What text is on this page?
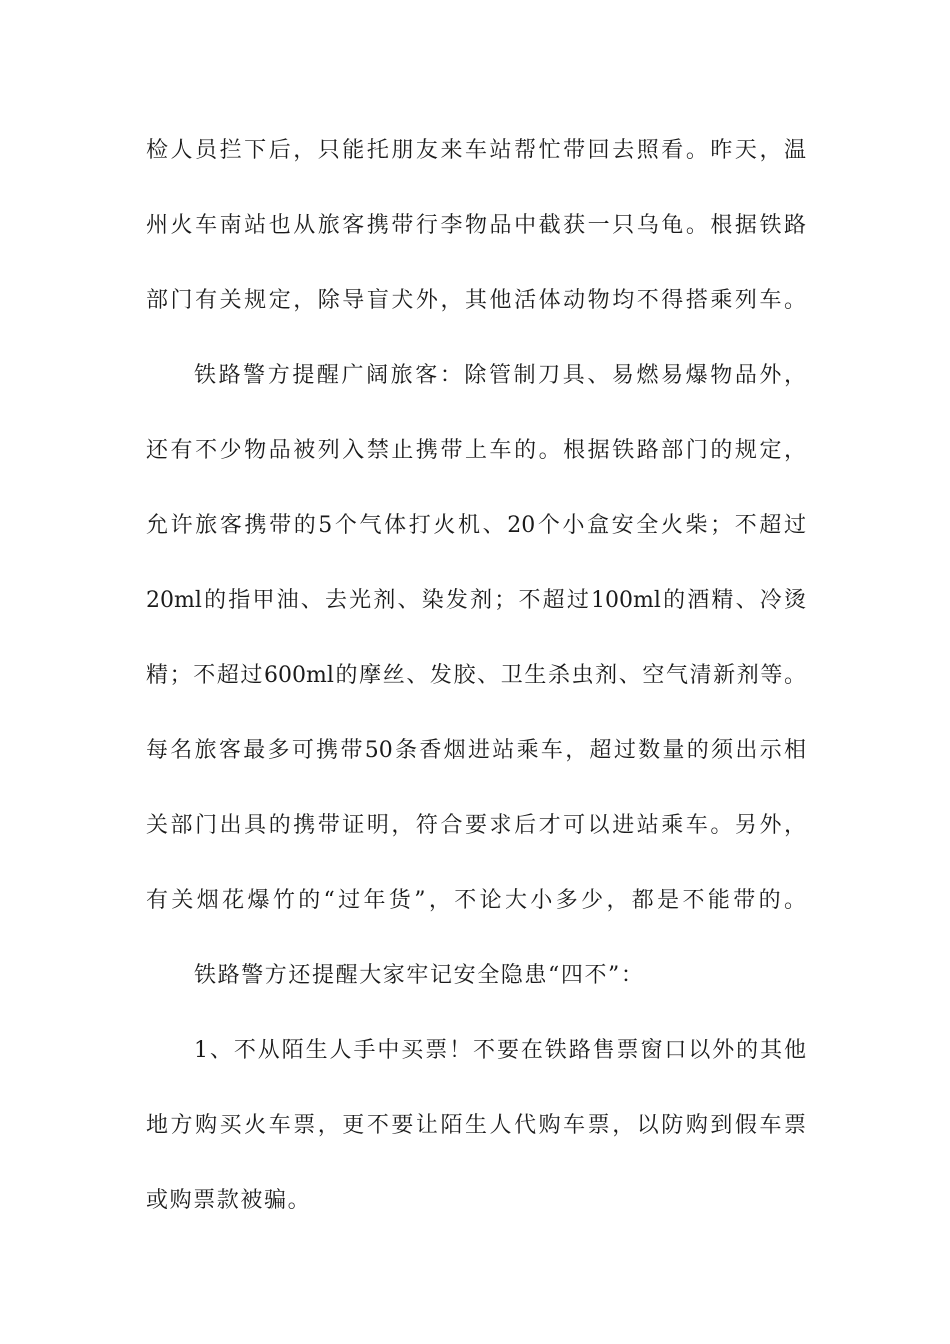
检人员拦下后，只能托朋友来车站帮忙带回去照看。昨天，温
州火车南站也从旅客携带行李物品中截获一只乌龟。根据铁路
部门有关规定，除导盲犬外，其他活体动物均不得搭乘列车。
铁路警方提醒广阔旅客：除管制刀具、易燃易爆物品外，
还有不少物品被列入禁止携带上车的。根据铁路部门的规定，
允许旅客携带的5个气体打火机、20个小盒安全火柴；不超过
20ml的指甲油、去光剂、染发剂；不超过100ml的酒精、冷烫
精；不超过600ml的摩丝、发胶、卫生杀虫剂、空气清新剂等。
每名旅客最多可携带50条香烟进站乘车，超过数量的须出示相
关部门出具的携带证明，符合要求后才可以进站乘车。另外，
有关烟花爆竹的“过年货”，不论大小多少，都是不能带的。
铁路警方还提醒大家牢记安全隐患“四不”：
1、不从陌生人手中买票！不要在铁路售票窗口以外的其他
地方购买火车票，更不要让陌生人代购车票，以防购到假车票
或购票款被骗。
